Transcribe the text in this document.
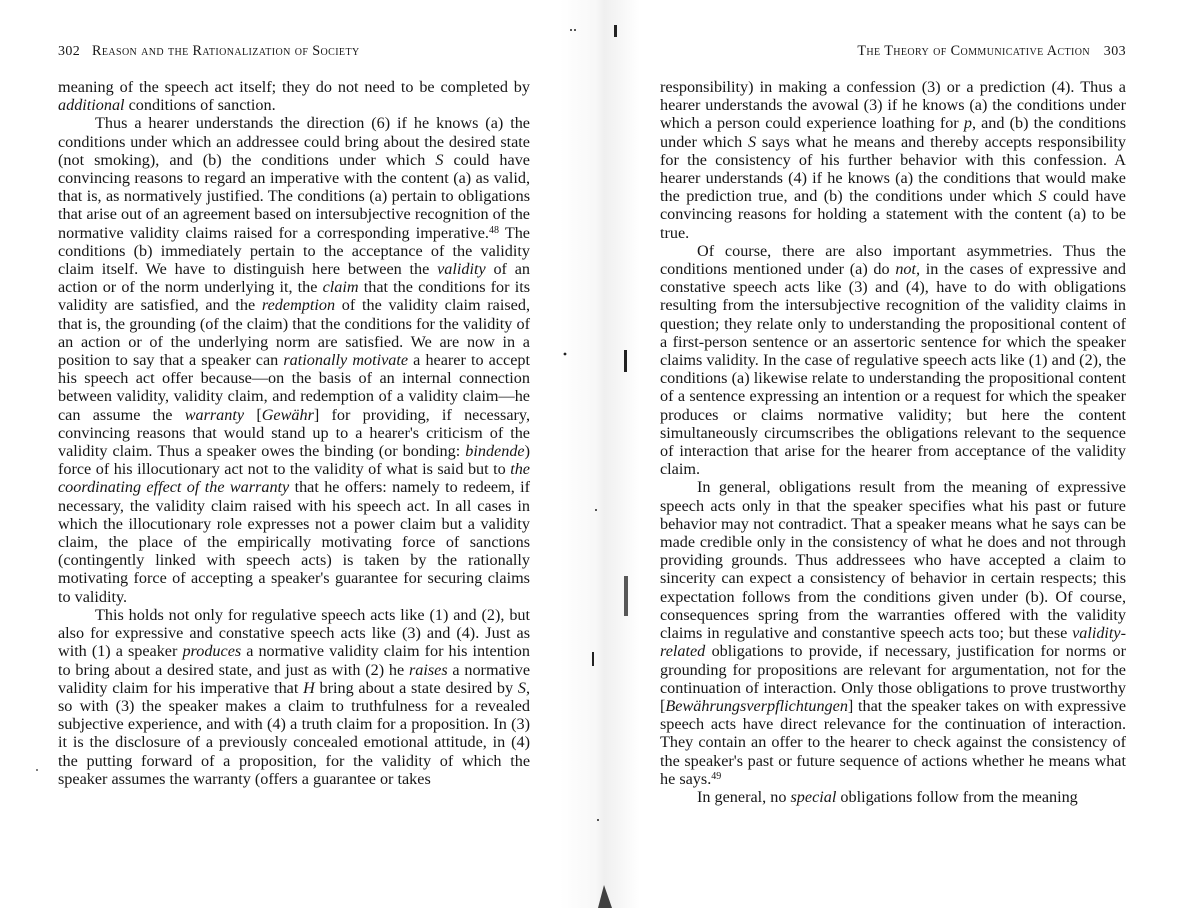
302 Reason and the Rationalization of Society

meaning of the speech act itself; they do not need to be completed by additional conditions of sanction.

Thus a hearer understands the direction (6) if he knows (a) the conditions under which an addressee could bring about the desired state (not smoking), and (b) the conditions under which S could have convincing reasons to regard an imperative with the content (a) as valid, that is, as normatively justified. The conditions (a) pertain to obligations that arise out of an agreement based on intersubjective recognition of the normative validity claims raised for a corresponding imperative.$^{48}$ The conditions (b) immediately pertain to the acceptance of the validity claim itself. We have to distinguish here between the validity of an action or of the norm underlying it, the claim that the conditions for its validity are satisfied, and the redemption of the validity claim raised, that is, the grounding (of the claim) that the conditions for the validity of an action or of the underlying norm are satisfied. We are now in a position to say that a speaker can rationally motivate a hearer to accept his speech act offer because—on the basis of an internal connection between validity, validity claim, and redemption of a validity claim—he can assume the warranty [Gewähr] for providing, if necessary, convincing reasons that would stand up to a hearer's criticism of the validity claim. Thus a speaker owes the binding (or bonding: bindende) force of his illocutionary act not to the validity of what is said but to the coordinating effect of the warranty that he offers: namely to redeem, if necessary, the validity claim raised with his speech act. In all cases in which the illocutionary role expresses not a power claim but a validity claim, the place of the empirically motivating force of sanctions (contingently linked with speech acts) is taken by the rationally motivating force of accepting a speaker's guarantee for securing claims to validity.

This holds not only for regulative speech acts like (1) and (2), but also for expressive and constative speech acts like (3) and (4). Just as with (1) a speaker produces a normative validity claim for his intention to bring about a desired state, and just as with (2) he raises a normative validity claim for his imperative that H bring about a state desired by S, so with (3) the speaker makes a claim to truthfulness for a revealed subjective experience, and with (4) a truth claim for a proposition. In (3) it is the disclosure of a previously concealed emotional attitude, in (4) the putting forward of a proposition, for the validity of which the speaker assumes the warranty (offers a guarantee or takes

The Theory of Communicative Action 303

responsibility) in making a confession (3) or a prediction (4). Thus a hearer understands the avowal (3) if he knows (a) the conditions under which a person could experience loathing for p, and (b) the conditions under which S says what he means and thereby accepts responsibility for the consistency of his further behavior with this confession. A hearer understands (4) if he knows (a) the conditions that would make the prediction true, and (b) the conditions under which S could have convincing reasons for holding a statement with the content (a) to be true.

Of course, there are also important asymmetries. Thus the conditions mentioned under (a) do not, in the cases of expressive and constative speech acts like (3) and (4), have to do with obligations resulting from the intersubjective recognition of the validity claims in question; they relate only to understanding the propositional content of a first-person sentence or an assertoric sentence for which the speaker claims validity. In the case of regulative speech acts like (1) and (2), the conditions (a) likewise relate to understanding the propositional content of a sentence expressing an intention or a request for which the speaker produces or claims normative validity; but here the content simultaneously circumscribes the obligations relevant to the sequence of interaction that arise for the hearer from acceptance of the validity claim.

In general, obligations result from the meaning of expressive speech acts only in that the speaker specifies what his past or future behavior may not contradict. That a speaker means what he says can be made credible only in the consistency of what he does and not through providing grounds. Thus addressees who have accepted a claim to sincerity can expect a consistency of behavior in certain respects; this expectation follows from the conditions given under (b). Of course, consequences spring from the warranties offered with the validity claims in regulative and constantive speech acts too; but these validity-related obligations to provide, if necessary, justification for norms or grounding for propositions are relevant for argumentation, not for the continuation of interaction. Only those obligations to prove trustworthy [Bewährungsverpflichtungen] that the speaker takes on with expressive speech acts have direct relevance for the continuation of interaction. They contain an offer to the hearer to check against the consistency of the speaker's past or future sequence of actions whether he means what he says.$^{49}$

In general, no special obligations follow from the meaning
